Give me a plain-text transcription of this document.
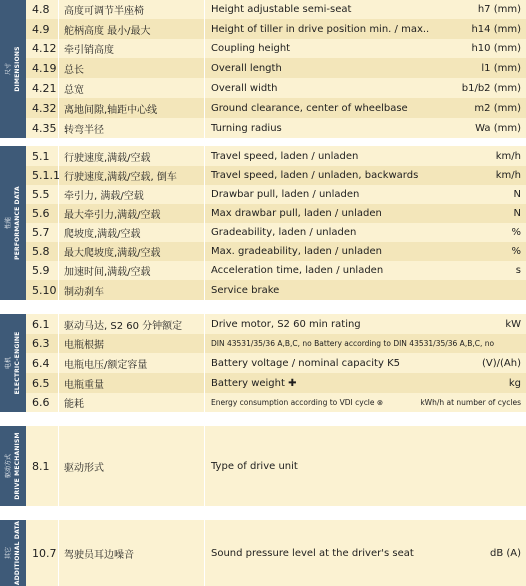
尺寸 DIMENSIONS
4.8	高度可调节半座椅	Height adjustable semi-seat	h7 (mm)
4.9	舵柄高度 最小/最大	Height of tiller in drive position min. / max..	h14 (mm)
4.12 牵引销高度	Coupling height	h10 (mm)
4.19 总长	Overall length	l1 (mm)
4.21 总宽	Overall width	b1/b2 (mm)
4.32 离地间隙,轴距中心线	Ground clearance, center of wheelbase	m2 (mm)
4.35 转弯半径	Turning radius	Wa (mm)
性能 PERFORMANCE DATA
5.1	行驶速度,满载/空载	Travel speed, laden / unladen	km/h
5.1.1 行驶速度,满载/空载, 倒车	Travel speed, laden / unladen, backwards	km/h
5.5	牵引力, 满载/空载	Drawbar pull, laden / unladen	N
5.6	最大牵引力,满载/空载	Max drawbar pull, laden / unladen	N
5.7	爬坡度,满载/空载	Gradeability, laden / unladen	%
5.8	最大爬坡度,满载/空载	Max. gradeability, laden / unladen	%
5.9	加速时间,满载/空载	Acceleration time, laden / unladen	s
5.10 制动刹车	Service brake
电机 ELECTRIC-ENGINE
6.1	驱动马达, S2 60 分钟额定	Drive motor, S2 60 min rating	kW
6.3	电瓶根据	DIN 43531/35/36 A,B,C, no Battery according to DIN 43531/35/36 A,B,C, no
6.4	电瓶电压/额定容量	Battery voltage / nominal capacity K5	(V)/(Ah)
6.5	电瓶重量	Battery weight ✚	kg
6.6	能耗	Energy consumption according to VDI cycle ⊗	kWh/h at number of cycles
驱动方式 DRIVE MECHANISM	8.1	驱动形式	Type of drive unit
其它 ADDITIONAL DATA	10.7 驾驶员耳边噪音	Sound pressure level at the driver's seat	dB (A)
